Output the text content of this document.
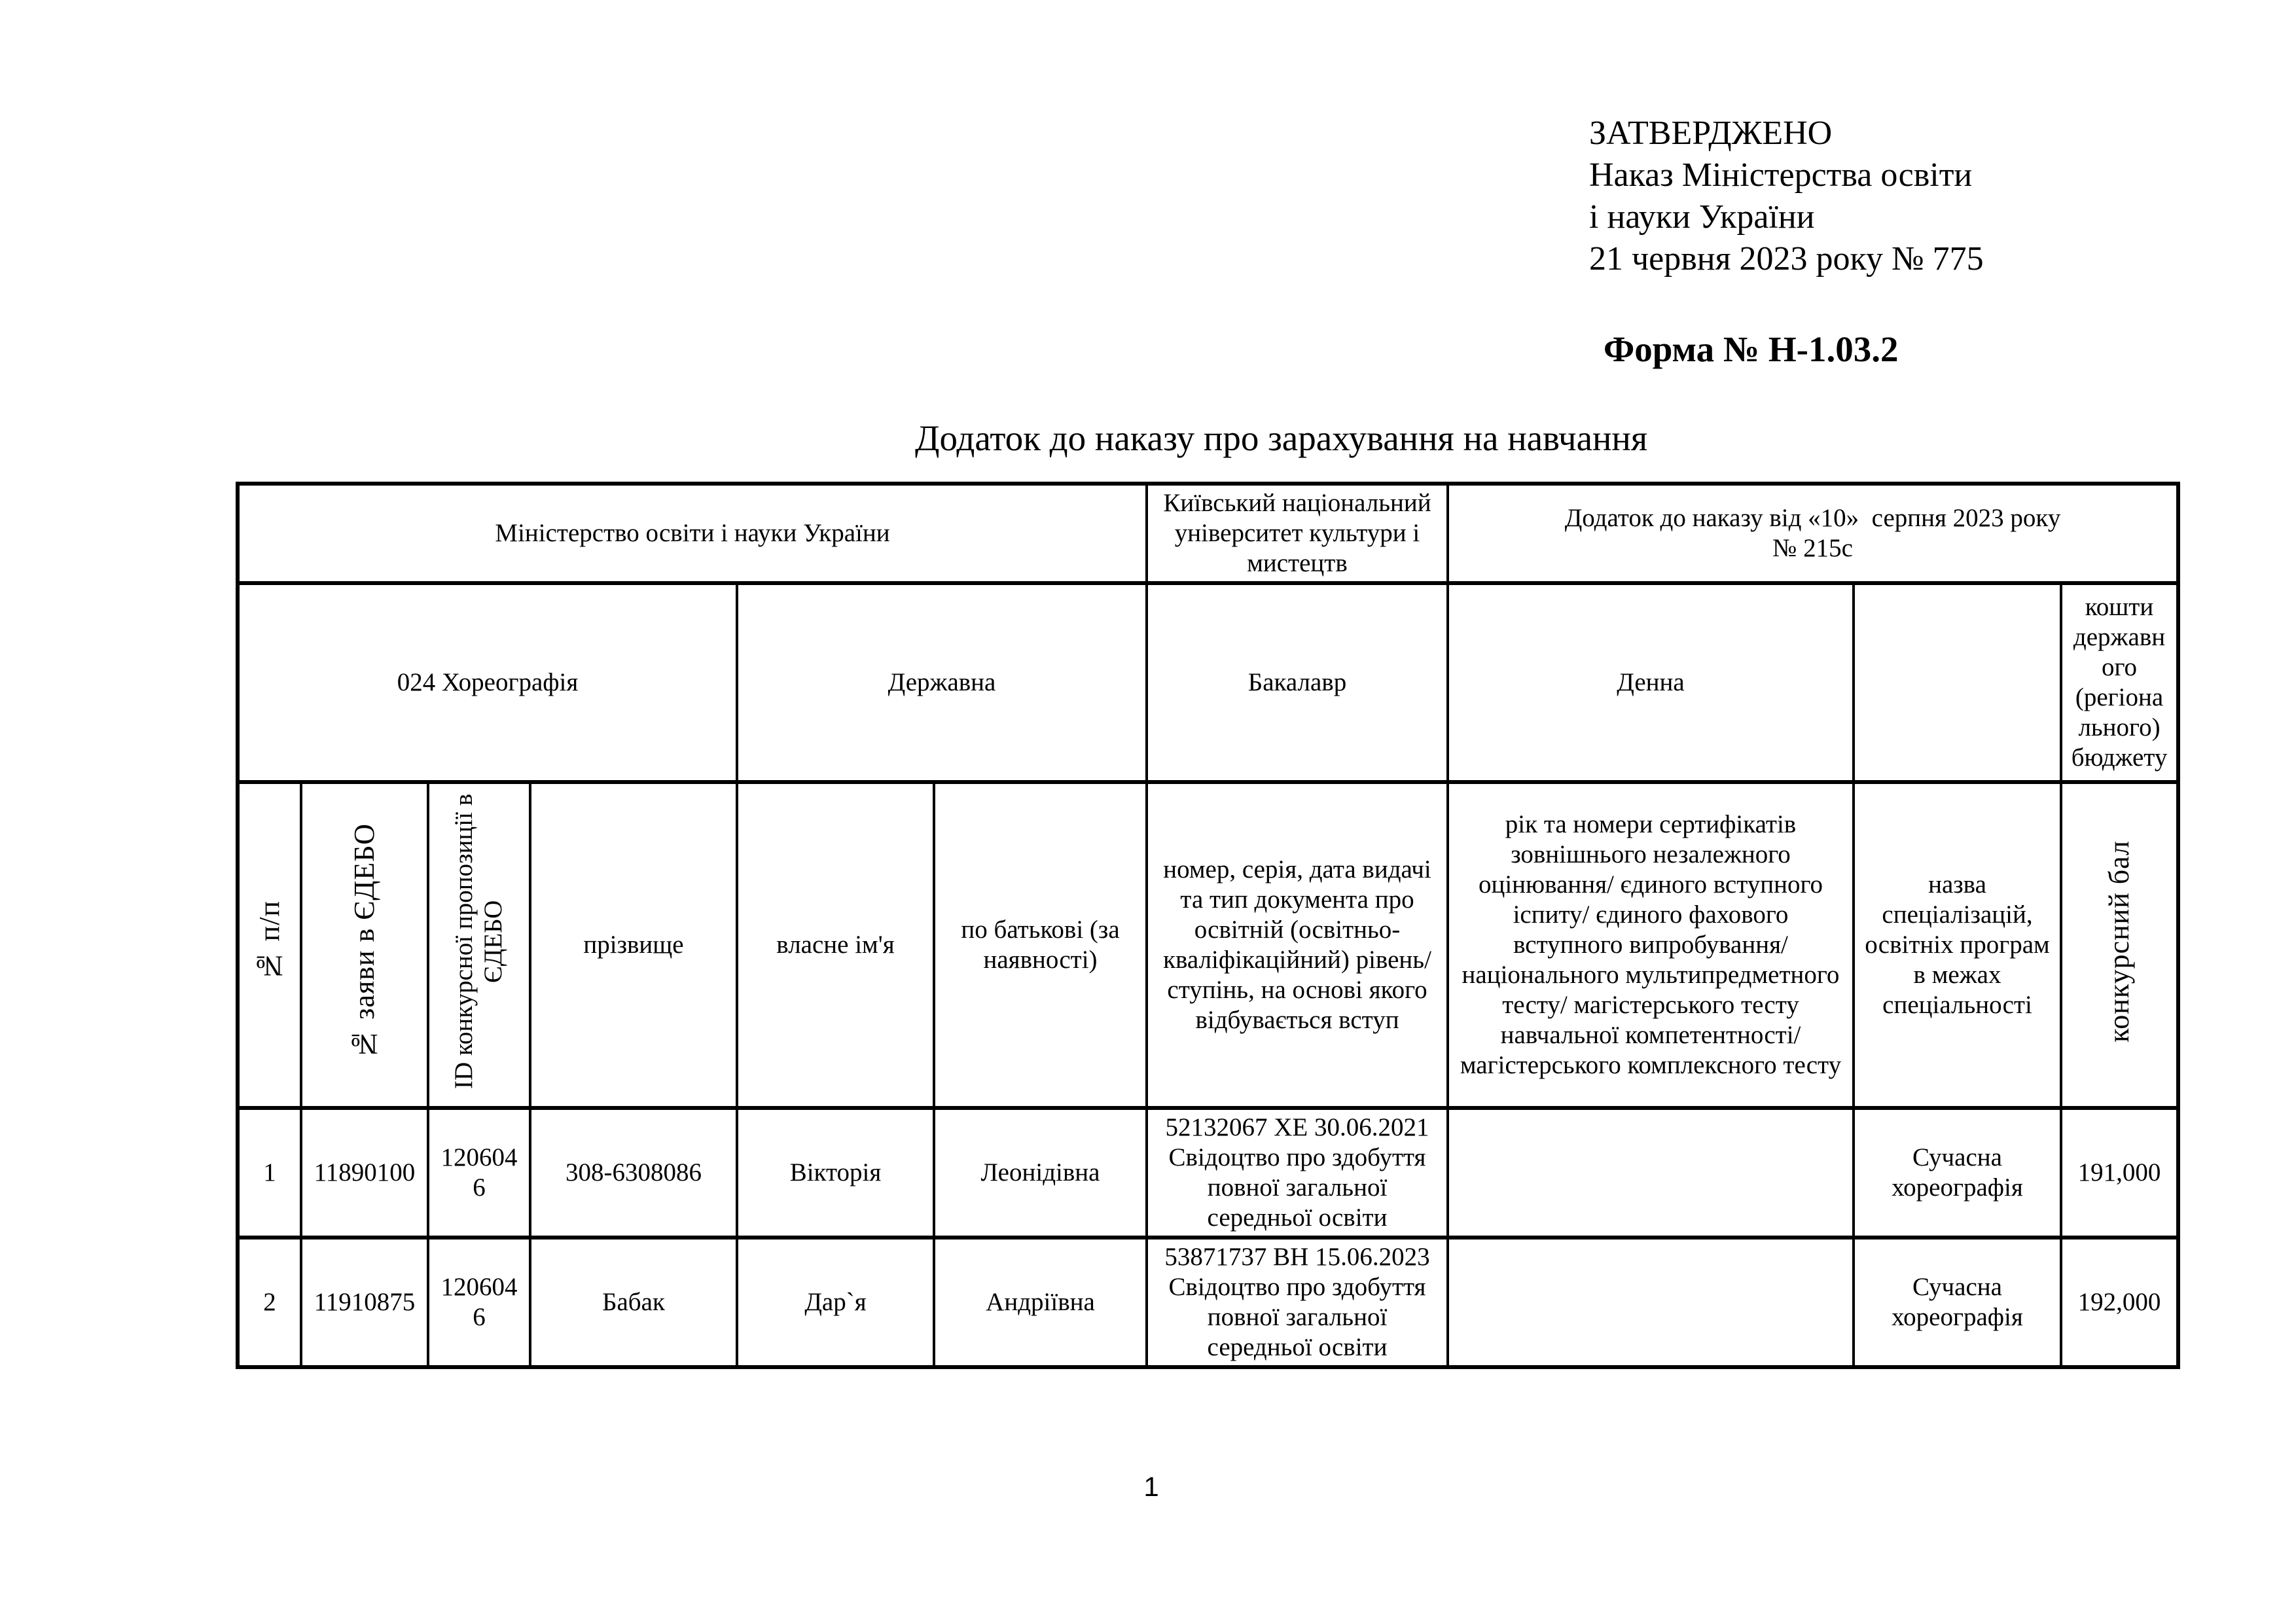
ЗАТВЕРДЖЕНО
Наказ Міністерства освіти
і науки України
21 червня 2023 року № 775
Форма № Н-1.03.2
Додаток до наказу про зарахування на навчання
Міністерство освіти і науки України						Київський національний університет культури і мистецтв	Додаток до наказу від «10»  серпня 2023 року
№ 215с		

024 Хореографія				Державна		Бакалавр	Денна		кошти державного (регіонального) бюджету
№ п/п	№ заяви в ЄДЕБО	ID конкурсної пропозиції в ЄДЕБО	прізвище	власне ім'я	по батькові (за наявності)	номер, серія, дата видачі та тип документа про освітній (освітньо-кваліфікаційний) рівень/ступінь, на основі якого відбувається вступ	рік та номери сертифікатів зовнішнього незалежного оцінювання/ єдиного вступного іспиту/ єдиного фахового вступного випробування/ національного мультипредметного тесту/ магістерського тесту навчальної компетентності/ магістерського комплексного тесту	назва спеціалізацій, освітніх програм в межах спеціальності	конкурсний бал
1	11890100	1206046	308-6308086	Вікторія	Леонідівна	52132067 ХЕ 30.06.2021 Свідоцтво про здобуття повної загальної середньої освіти		Сучасна хореографія	191,000
2	11910875	1206046	Бабак	Дар`я	Андріївна	53871737 ВН 15.06.2023 Свідоцтво про здобуття повної загальної середньої освіти		Сучасна хореографія	192,000
1
